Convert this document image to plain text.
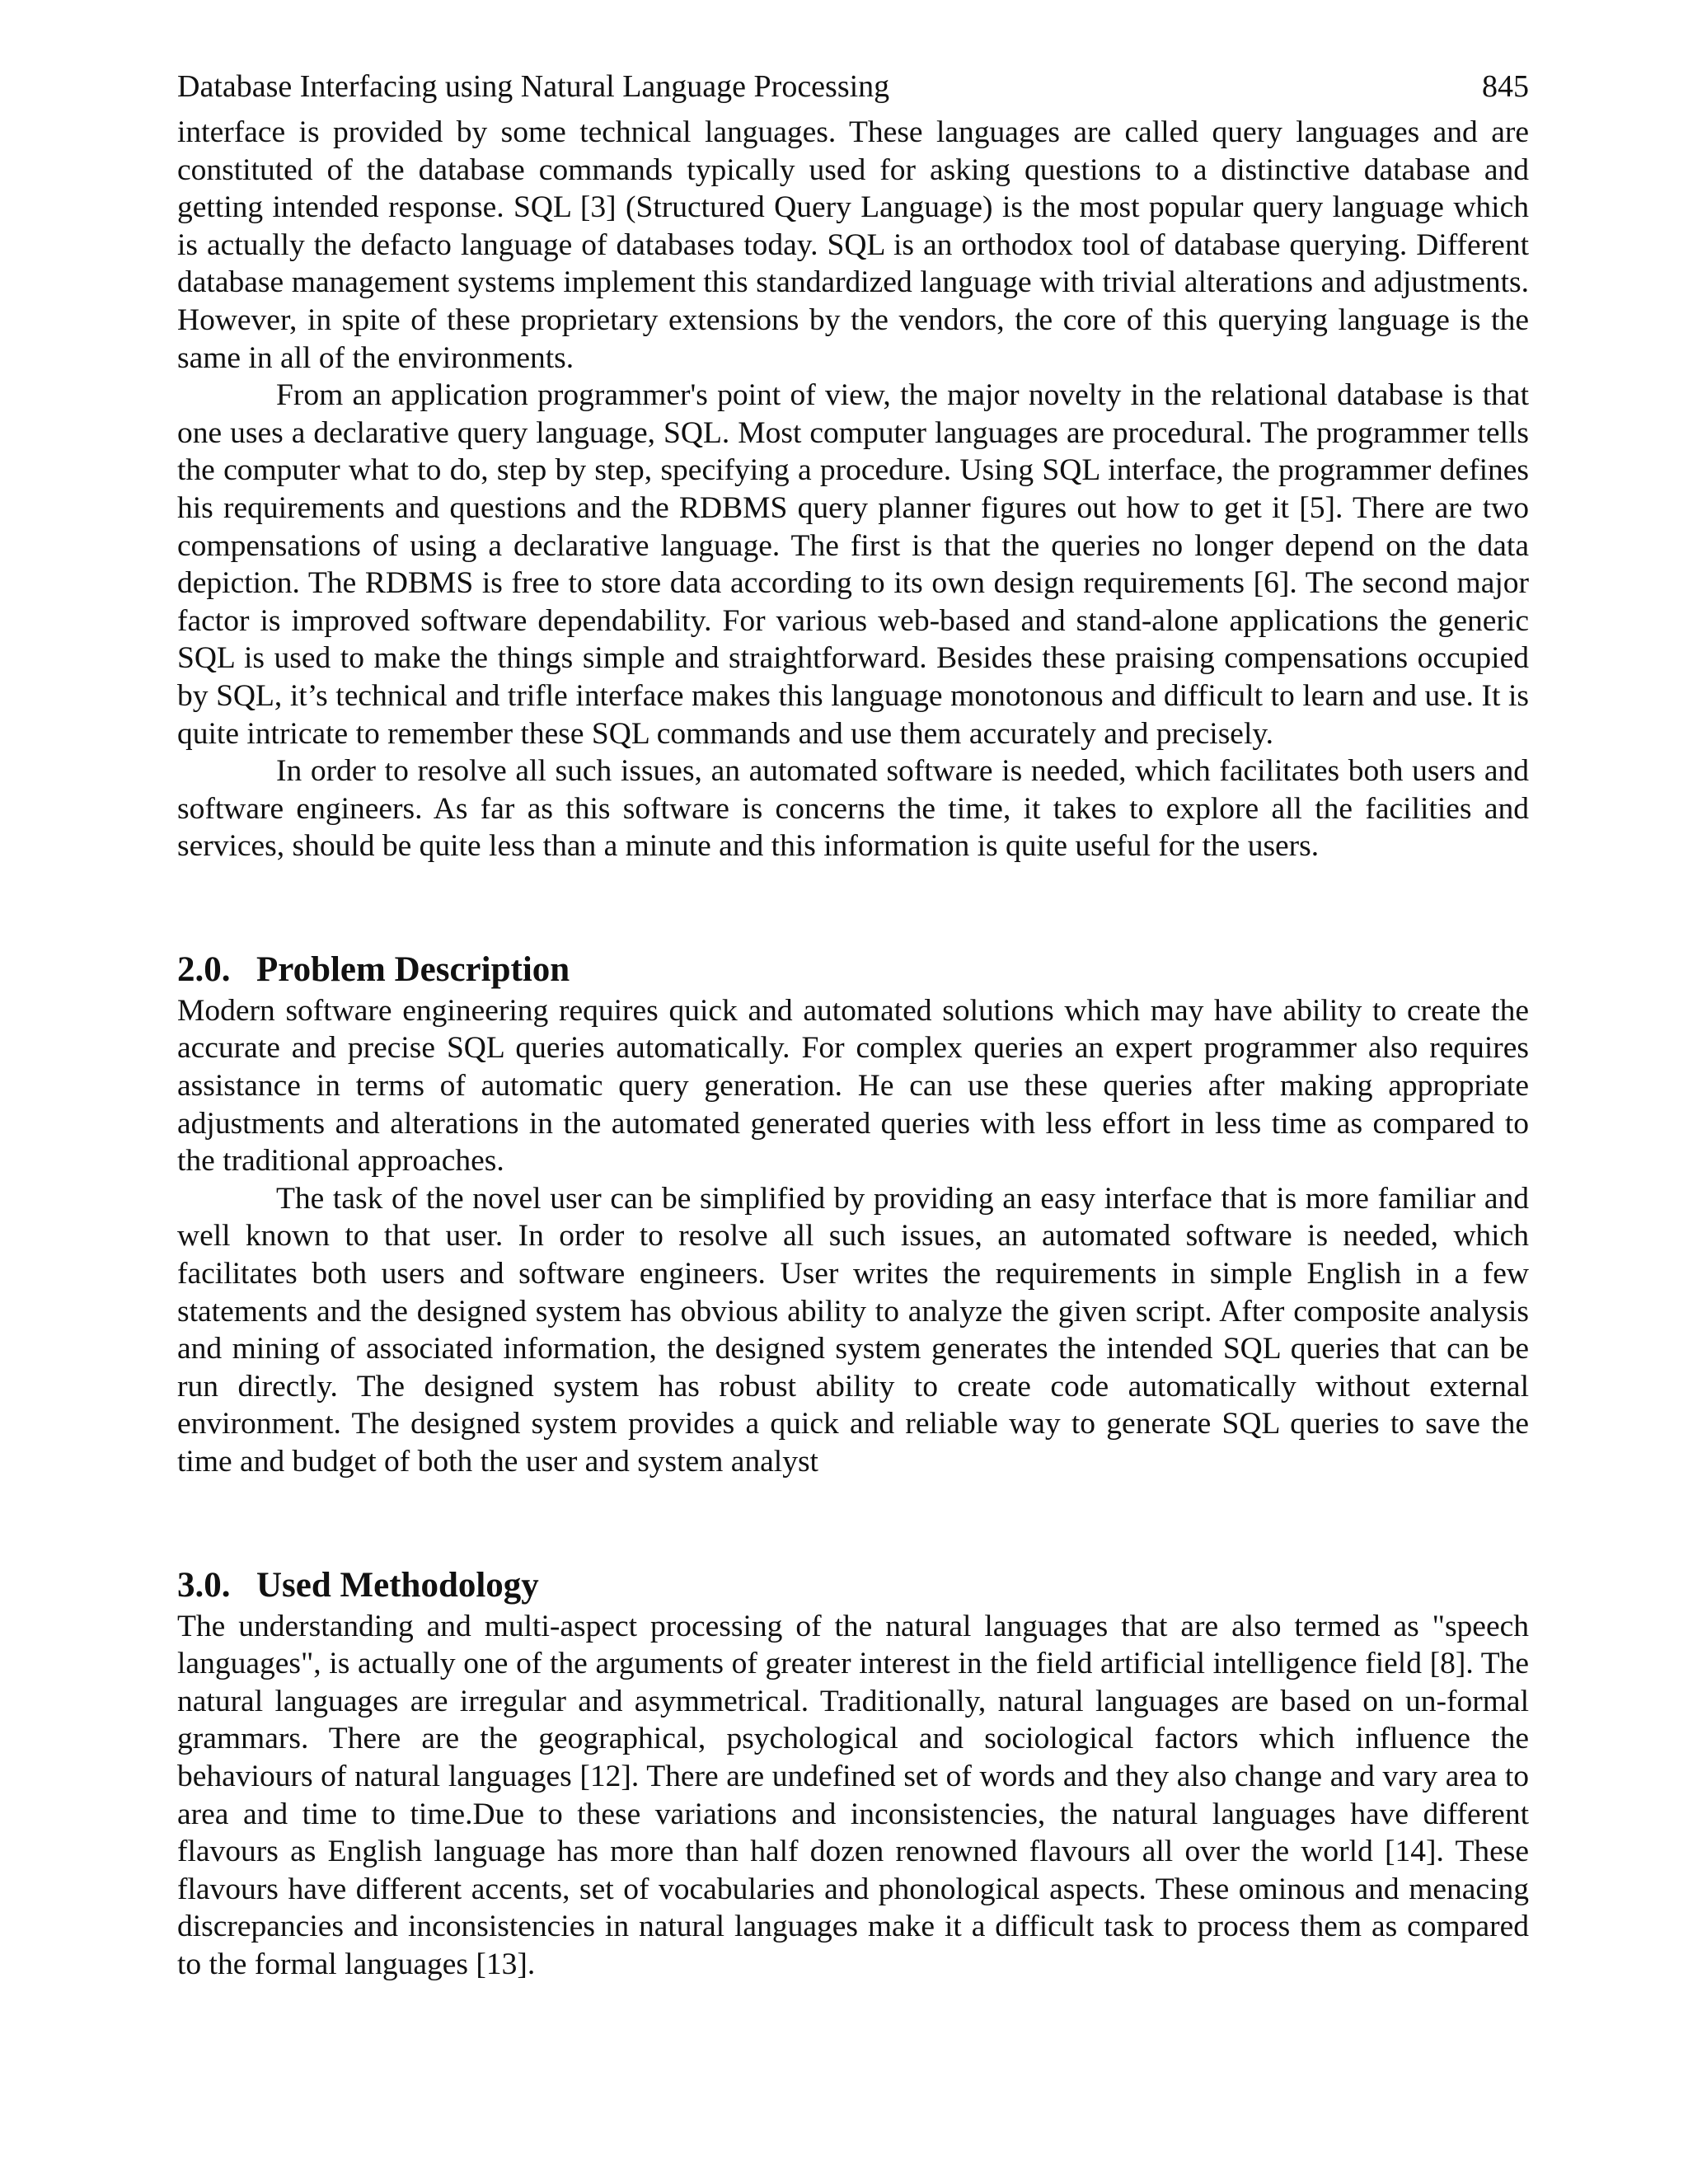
Database Interfacing using Natural Language Processing	845

interface is provided by some technical languages. These languages are called query languages and are constituted of the database commands typically used for asking questions to a distinctive database and getting intended response. SQL [3] (Structured Query Language) is the most popular query language which is actually the defacto language of databases today. SQL is an orthodox tool of database querying. Different database management systems implement this standardized language with trivial alterations and adjustments. However, in spite of these proprietary extensions by the vendors, the core of this querying language is the same in all of the environments.

From an application programmer's point of view, the major novelty in the relational database is that one uses a declarative query language, SQL. Most computer languages are procedural. The programmer tells the computer what to do, step by step, specifying a procedure. Using SQL interface, the programmer defines his requirements and questions and the RDBMS query planner figures out how to get it [5]. There are two compensations of using a declarative language. The first is that the queries no longer depend on the data depiction. The RDBMS is free to store data according to its own design requirements [6]. The second major factor is improved software dependability. For various web-based and stand-alone applications the generic SQL is used to make the things simple and straightforward. Besides these praising compensations occupied by SQL, it’s technical and trifle interface makes this language monotonous and difficult to learn and use. It is quite intricate to remember these SQL commands and use them accurately and precisely.

In order to resolve all such issues, an automated software is needed, which facilitates both users and software engineers. As far as this software is concerns the time, it takes to explore all the facilities and services, should be quite less than a minute and this information is quite useful for the users.

2.0. Problem Description

Modern software engineering requires quick and automated solutions which may have ability to create the accurate and precise SQL queries automatically. For complex queries an expert programmer also requires assistance in terms of automatic query generation. He can use these queries after making appropriate adjustments and alterations in the automated generated queries with less effort in less time as compared to the traditional approaches.

The task of the novel user can be simplified by providing an easy interface that is more familiar and well known to that user. In order to resolve all such issues, an automated software is needed, which facilitates both users and software engineers. User writes the requirements in simple English in a few statements and the designed system has obvious ability to analyze the given script. After composite analysis and mining of associated information, the designed system generates the intended SQL queries that can be run directly. The designed system has robust ability to create code automatically without external environment. The designed system provides a quick and reliable way to generate SQL queries to save the time and budget of both the user and system analyst

3.0. Used Methodology

The understanding and multi-aspect processing of the natural languages that are also termed as "speech languages", is actually one of the arguments of greater interest in the field artificial intelligence field [8]. The natural languages are irregular and asymmetrical. Traditionally, natural languages are based on un-formal grammars. There are the geographical, psychological and sociological factors which influence the behaviours of natural languages [12]. There are undefined set of words and they also change and vary area to area and time to time.Due to these variations and inconsistencies, the natural languages have different flavours as English language has more than half dozen renowned flavours all over the world [14]. These flavours have different accents, set of vocabularies and phonological aspects. These ominous and menacing discrepancies and inconsistencies in natural languages make it a difficult task to process them as compared to the formal languages [13].
